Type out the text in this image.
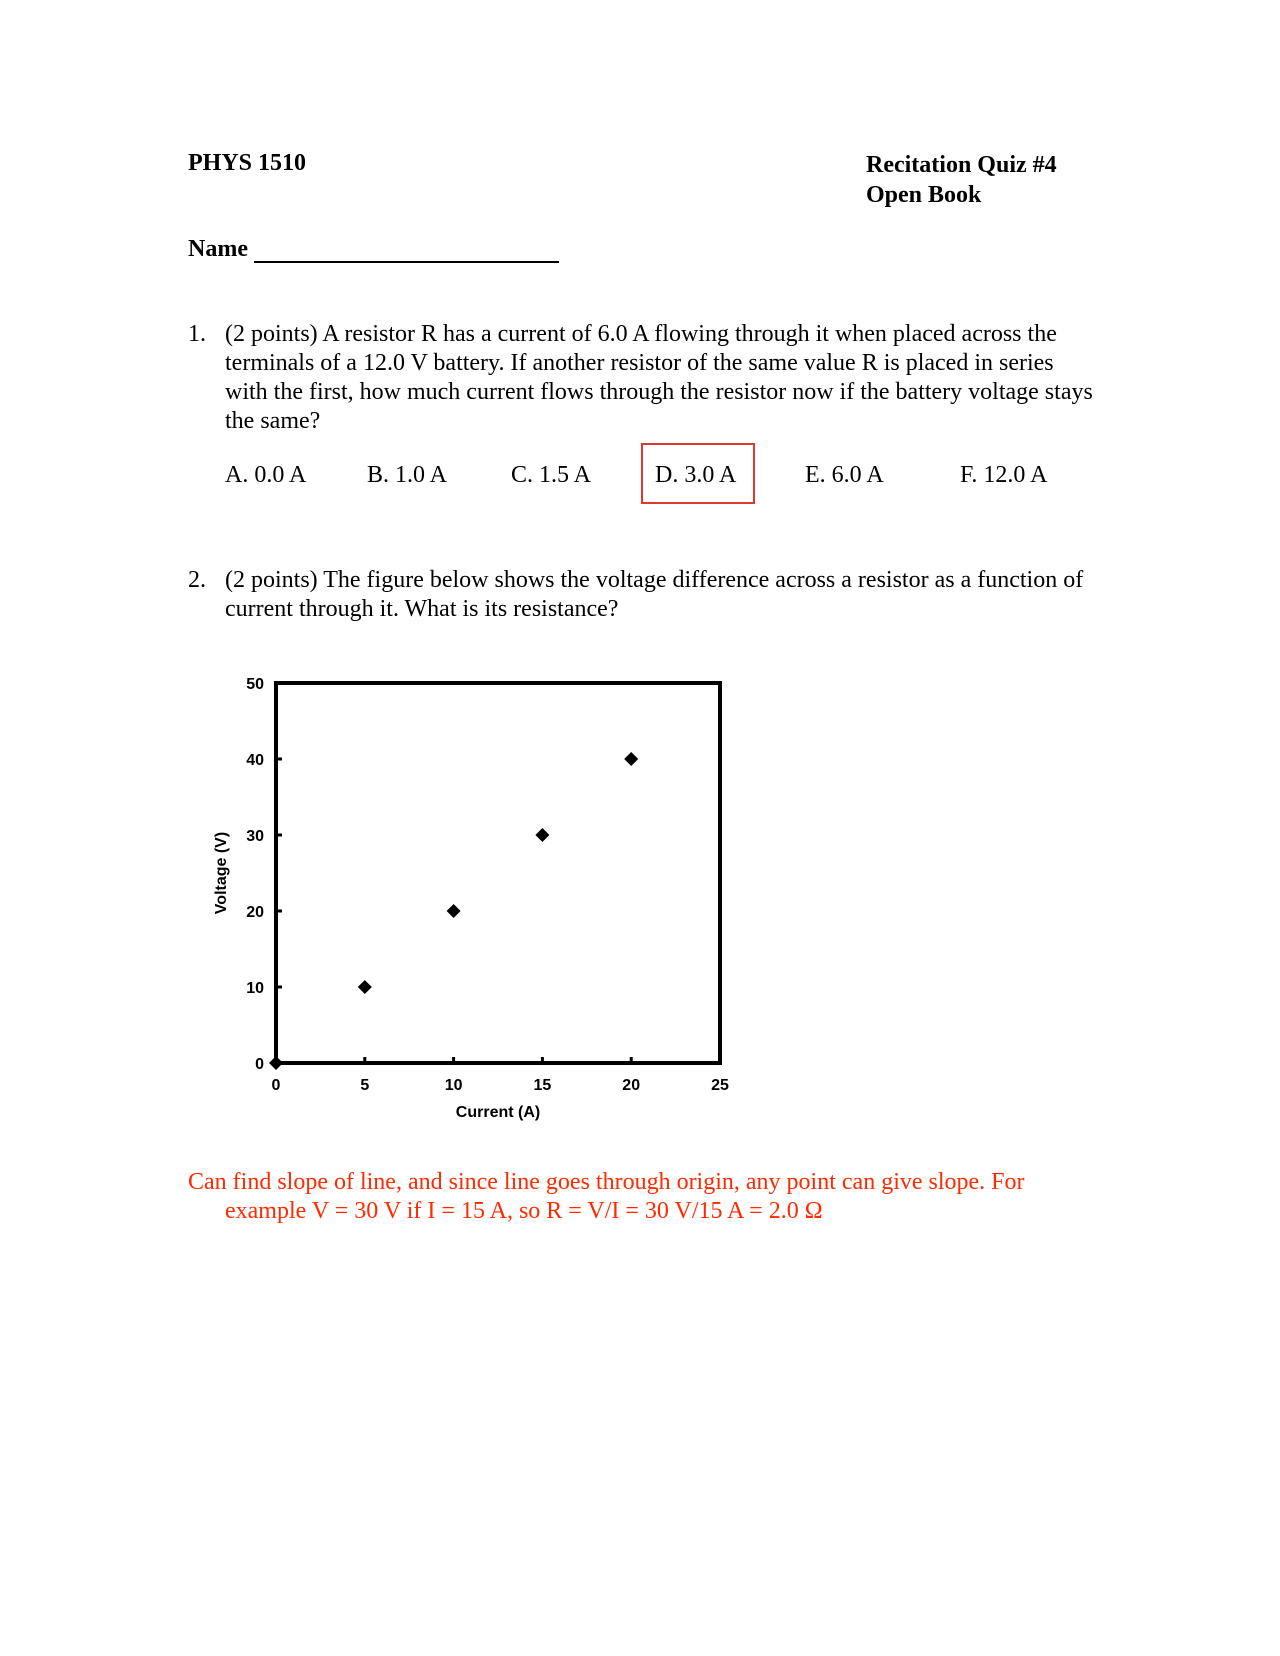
PHYS 1510	Recitation Quiz #4
Open Book
Name
1. (2 points) A resistor R has a current of 6.0 A flowing through it when placed across the terminals of a 12.0 V battery. If another resistor of the same value R is placed in series with the first, how much current flows through the resistor now if the battery voltage stays the same?
A. 0.0 A	B. 1.0 A	C. 1.5 A	D. 3.0 A	E. 6.0 A	F. 12.0 A
2. (2 points) The figure below shows the voltage difference across a resistor as a function of current through it. What is its resistance?
0
10
20
30
40
50
0	5	10	15	20	25
Current (A)
Voltage (V)
Can find slope of line, and since line goes through origin, any point can give slope. For
example V = 30 V if I = 15 A, so R = V/I = 30 V/15 A = 2.0 Ω
